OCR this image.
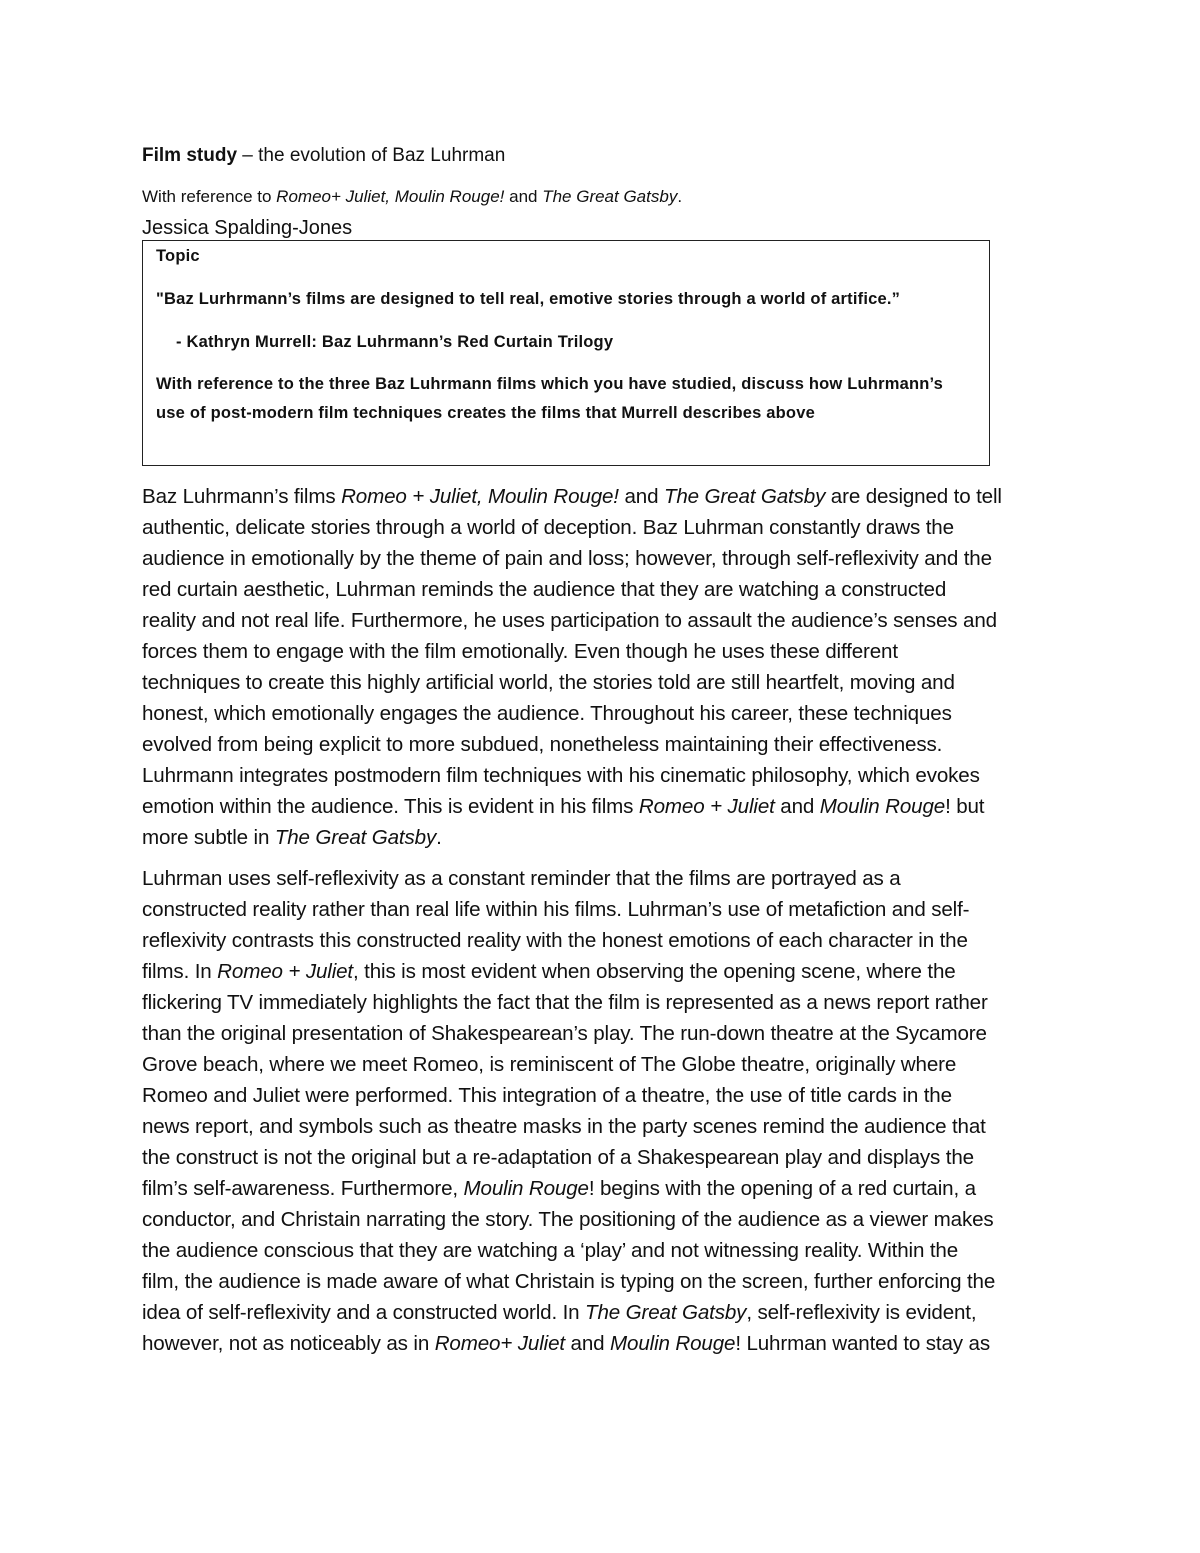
Film study – the evolution of Baz Luhrman
With reference to Romeo+ Juliet, Moulin Rouge! and The Great Gatsby.
Jessica Spalding-Jones
Topic
"Baz Lurhrmann’s films are designed to tell real, emotive stories through a world of artifice.”
- Kathryn Murrell: Baz Luhrmann’s Red Curtain Trilogy
With reference to the three Baz Luhrmann films which you have studied, discuss how Luhrmann’s use of post-modern film techniques creates the films that Murrell describes above

Baz Luhrmann’s films Romeo + Juliet, Moulin Rouge! and The Great Gatsby are designed to tell
authentic, delicate stories through a world of deception. Baz Luhrman constantly draws the
audience in emotionally by the theme of pain and loss; however, through self-reflexivity and the
red curtain aesthetic, Luhrman reminds the audience that they are watching a constructed
reality and not real life. Furthermore, he uses participation to assault the audience’s senses and
forces them to engage with the film emotionally. Even though he uses these different
techniques to create this highly artificial world, the stories told are still heartfelt, moving and
honest, which emotionally engages the audience. Throughout his career, these techniques
evolved from being explicit to more subdued, nonetheless maintaining their effectiveness.
Luhrmann integrates postmodern film techniques with his cinematic philosophy, which evokes
emotion within the audience. This is evident in his films Romeo + Juliet and Moulin Rouge! but
more subtle in The Great Gatsby.

Luhrman uses self-reflexivity as a constant reminder that the films are portrayed as a
constructed reality rather than real life within his films. Luhrman’s use of metafiction and self-
reflexivity contrasts this constructed reality with the honest emotions of each character in the
films. In Romeo + Juliet, this is most evident when observing the opening scene, where the
flickering TV immediately highlights the fact that the film is represented as a news report rather
than the original presentation of Shakespearean’s play. The run-down theatre at the Sycamore
Grove beach, where we meet Romeo, is reminiscent of The Globe theatre, originally where
Romeo and Juliet were performed. This integration of a theatre, the use of title cards in the
news report, and symbols such as theatre masks in the party scenes remind the audience that
the construct is not the original but a re-adaptation of a Shakespearean play and displays the
film’s self-awareness. Furthermore, Moulin Rouge! begins with the opening of a red curtain, a
conductor, and Christain narrating the story. The positioning of the audience as a viewer makes
the audience conscious that they are watching a ‘play’ and not witnessing reality. Within the
film, the audience is made aware of what Christain is typing on the screen, further enforcing the
idea of self-reflexivity and a constructed world. In The Great Gatsby, self-reflexivity is evident,
however, not as noticeably as in Romeo+ Juliet and Moulin Rouge! Luhrman wanted to stay as
